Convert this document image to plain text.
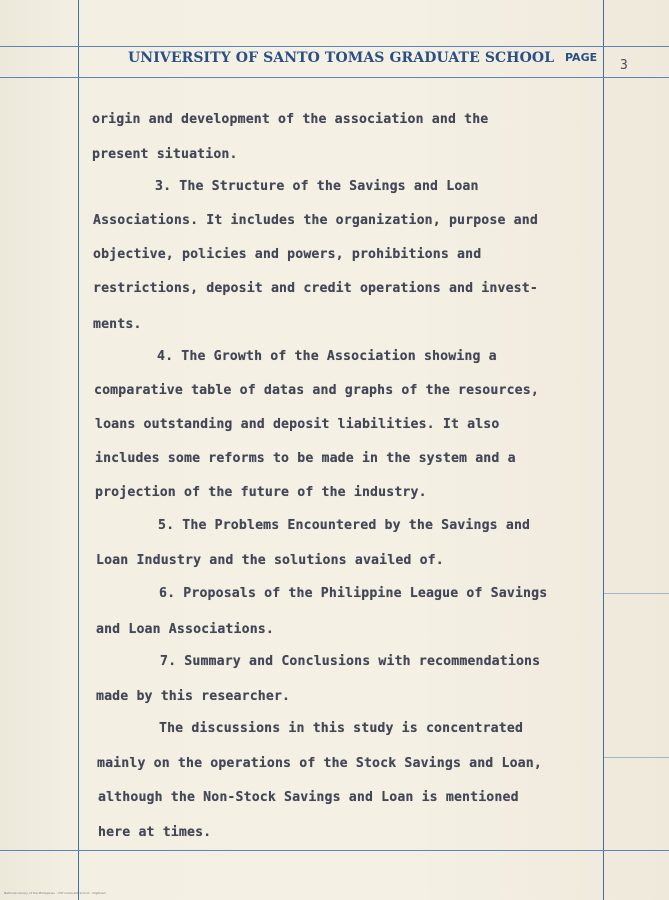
UNIVERSITY OF SANTO TOMAS GRADUATE SCHOOL PAGE
3
origin and development of the association and the
present situation.
3. The Structure of the Savings and Loan
Associations. It includes the organization, purpose and
objective, policies and powers, prohibitions and
restrictions, deposit and credit operations and invest-
ments.
4. The Growth of the Association showing a
comparative table of datas and graphs of the resources,
loans outstanding and deposit liabilities. It also
includes some reforms to be made in the system and a
projection of the future of the industry.
5. The Problems Encountered by the Savings and
Loan Industry and the solutions availed of.
6. Proposals of the Philippine League of Savings
and Loan Associations.
7. Summary and Conclusions with recommendations
made by this researcher.
The discussions in this study is concentrated
mainly on the operations of the Stock Savings and Loan,
although the Non-Stock Savings and Loan is mentioned
here at times.
National Library of the Philippines · UST Graduate School · Digitized
